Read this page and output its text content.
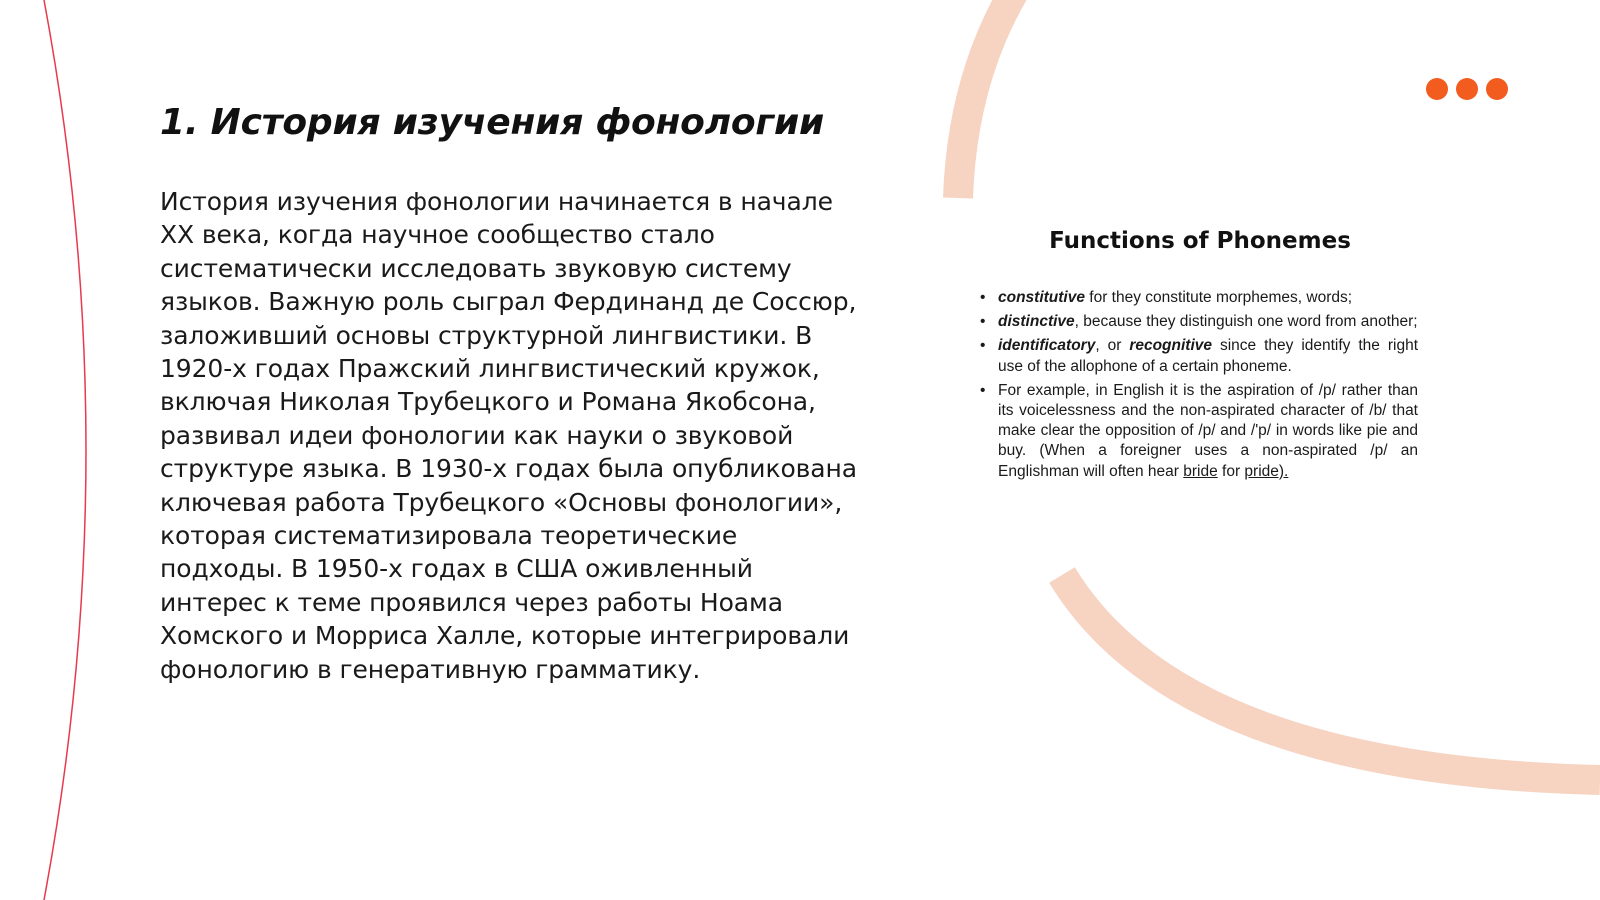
1. История изучения фонологии

История изучения фонологии начинается в начале XX века, когда научное сообщество стало систематически исследовать звуковую систему языков. Важную роль сыграл Фердинанд де Соссюр, заложивший основы структурной лингвистики. В 1920-х годах Пражский лингвистический кружок, включая Николая Трубецкого и Романа Якобсона, развивал идеи фонологии как науки о звуковой структуре языка. В 1930-х годах была опубликована ключевая работа Трубецкого «Основы фонологии», которая систематизировала теоретические подходы. В 1950-х годах в США оживленный интерес к теме проявился через работы Ноама Хомского и Морриса Халле, которые интегрировали фонологию в генеративную грамматику.

Functions of Phonemes
• constitutive for they constitute morphemes, words;
• distinctive, because they distinguish one word from another;
• identificatory, or recognitive since they identify the right use of the allophone of a certain phoneme.
• For example, in English it is the aspiration of /p/ rather than its voicelessness and the non-aspirated character of /b/ that make clear the opposition of /p/ and /'p/ in words like pie and buy. (When a foreigner uses a non-aspirated /p/ an Englishman will often hear bride for pride).
